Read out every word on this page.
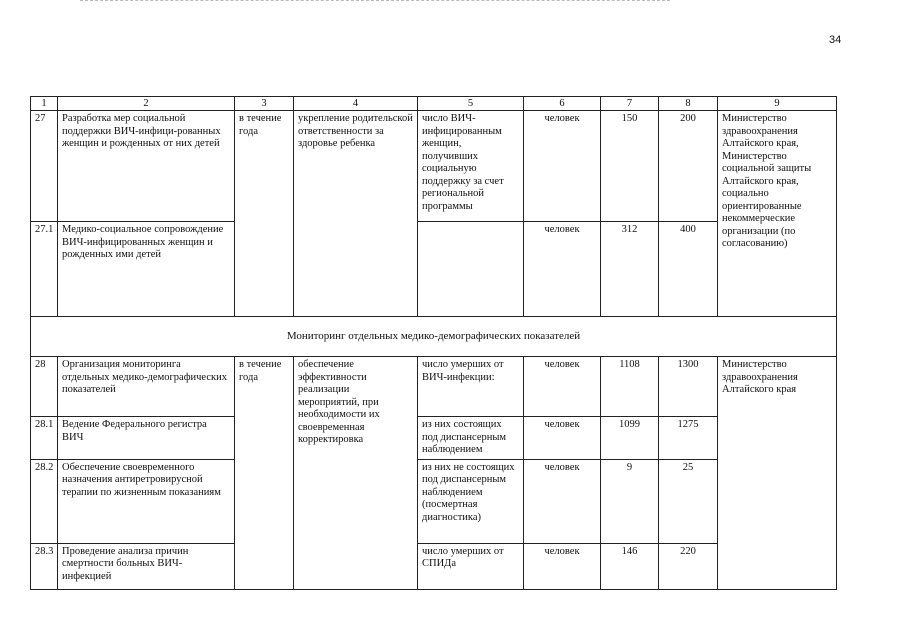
34
1	2	3	4	5	6	7	8	9
27	Разработка мер социальной поддержки ВИЧ-инфици-рованных женщин и рожденных от них детей	в течение года	укрепление родительской ответственности за здоровье ребенка	число ВИЧ-инфицированным женщин, получивших социальную поддержку за счет региональной программы	человек	150	200	Министерство здравоохранения Алтайского края, Министерство социальной защиты Алтайского края, социально ориентированные некоммерческие организации (по согласованию)
27.1	Медико-социальное сопровождение ВИЧ-инфицированных женщин и рожденных ими детей				человек	312	400	
Мониторинг отдельных медико-демографических показателей								
28	Организация мониторинга отдельных медико-демографических показателей	в течение года	обеспечение эффективности реализации мероприятий, при необходимости их своевременная корректировка	число умерших от ВИЧ-инфекции:	человек	1108	1300	Министерство здравоохранения Алтайского края
28.1	Ведение Федерального регистра ВИЧ			из них состоящих под диспансерным наблюдением	человек	1099	1275	
28.2	Обеспечение своевременного назначения антиретровирусной терапии по жизненным показаниям			из них не состоящих под диспансерным наблюдением (посмертная диагностика)	человек	9	25	
28.3	Проведение анализа причин смертности больных ВИЧ-инфекцией			число умерших от СПИДа	человек	146	220	
